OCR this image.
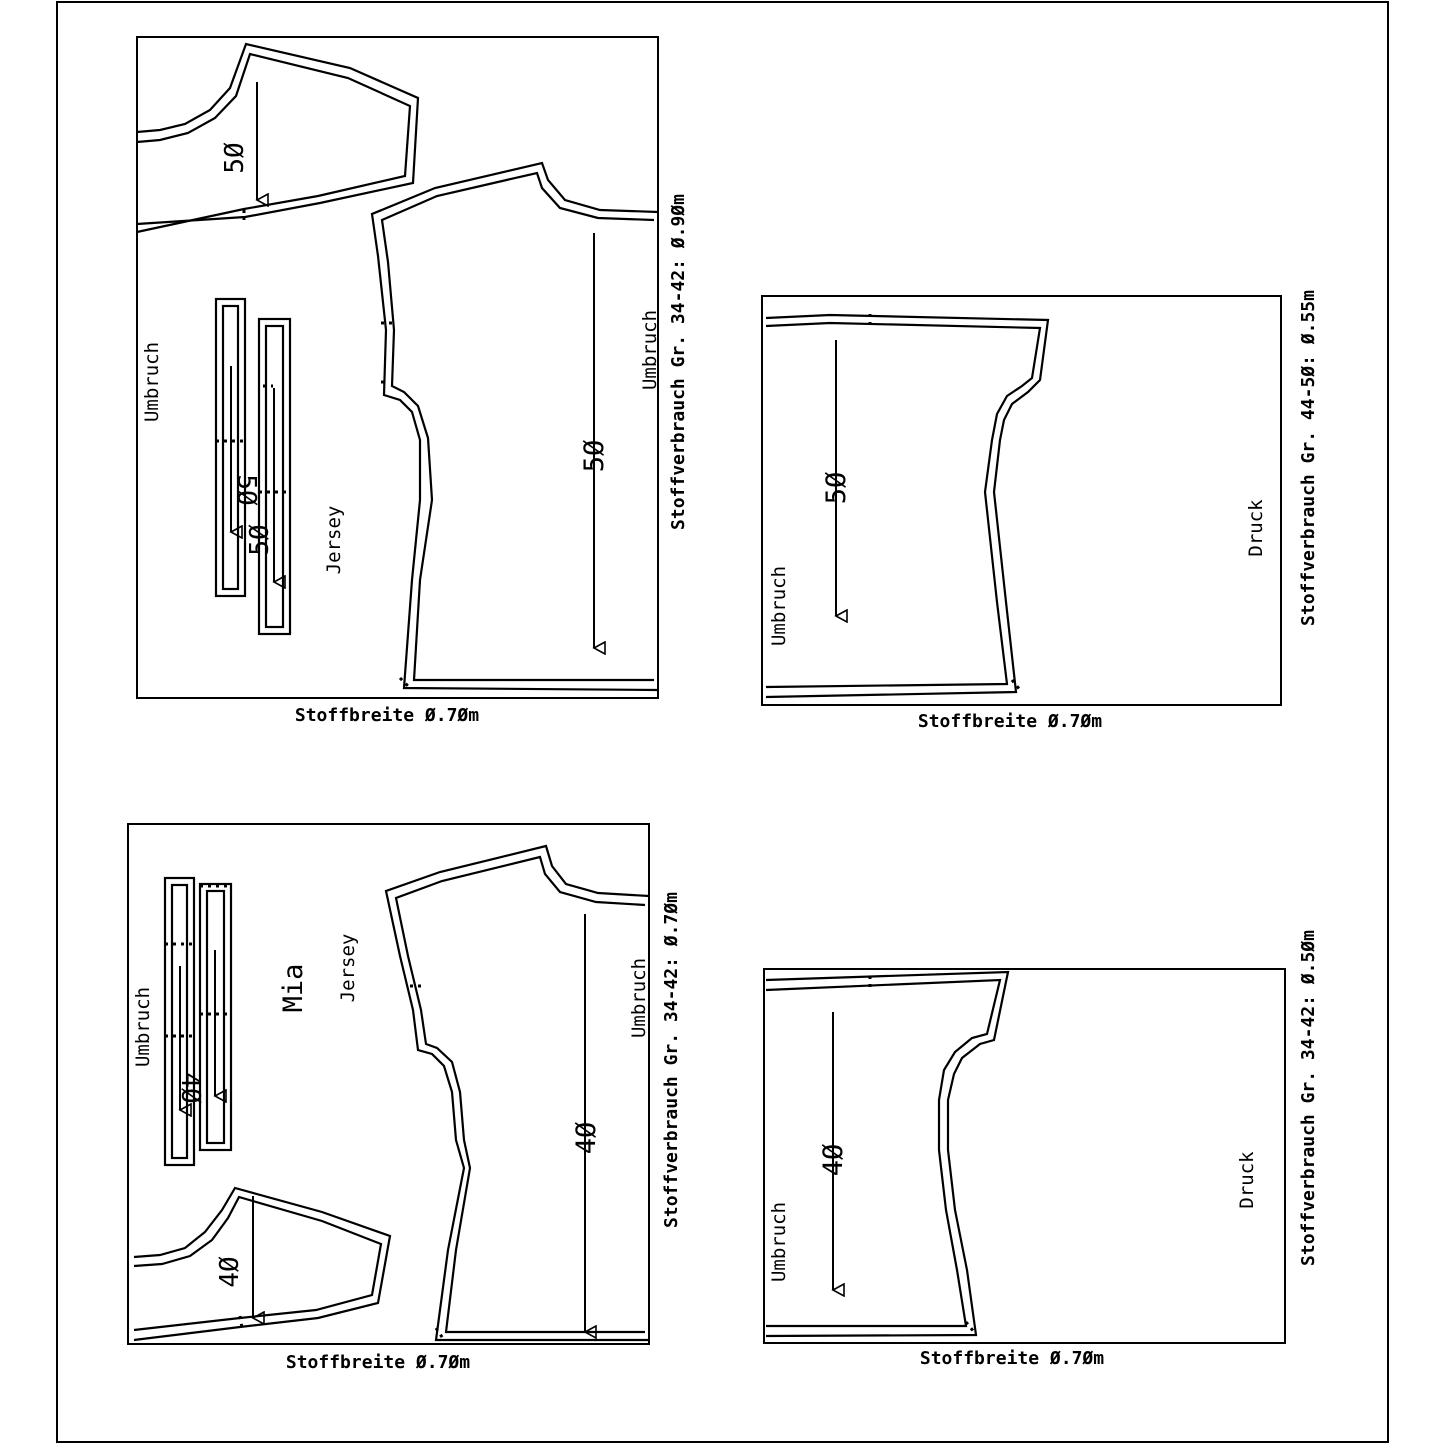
5Ø
5Ø
5Ø
5Ø
Umbruch	Umbruch
Jersey
Stoffverbrauch Gr. 34-42: Ø.9Øm
Stoffbreite Ø.7Øm
5Ø
Umbruch
Druck Stoffverbrauch Gr. 44-5Ø: Ø.55m
Stoffbreite Ø.7Øm
4Ø
4Ø
4Ø
Mia
Umbruch	Umbruch
Jersey	Stoffverbrauch Gr. 34-42: Ø.7Øm
Stoffbreite Ø.7Øm
4Ø
Umbruch
Druck Stoffverbrauch Gr. 34-42: Ø.5Øm
Stoffbreite Ø.7Øm
